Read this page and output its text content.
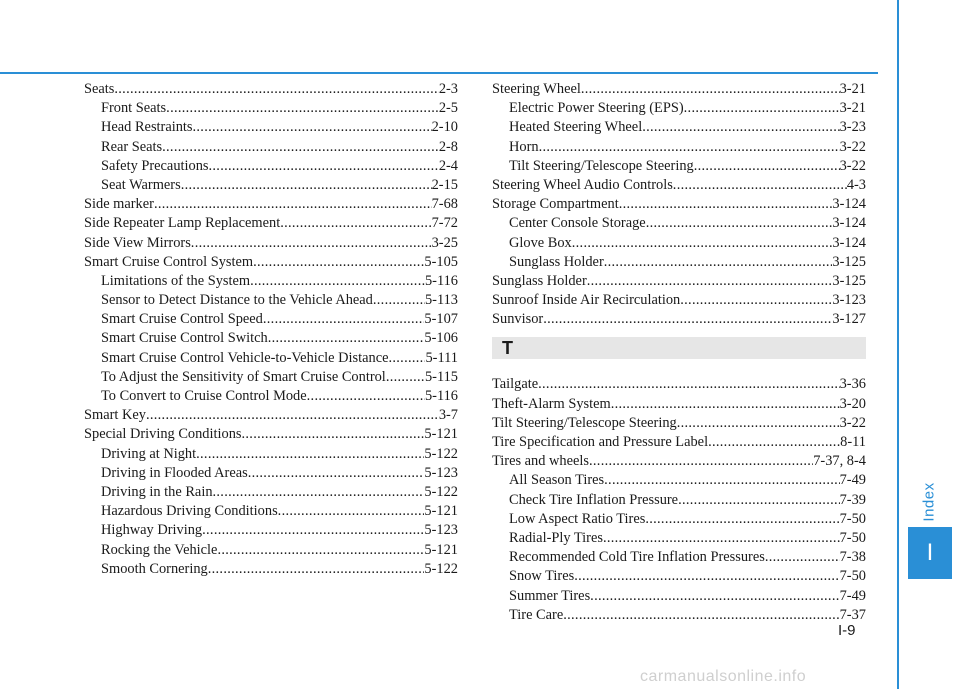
Seats .....	2-3
Front Seats .....	2-5
Head Restraints .....	2-10
Rear Seats .....	2-8
Safety Precautions .....	2-4
Seat Warmers .....	2-15
Side marker .....	7-68
Side Repeater Lamp Replacement .....	7-72
Side View Mirrors .....	3-25
Smart Cruise Control System .....	5-105
Limitations of the System .....	5-116
Sensor to Detect Distance to the Vehicle Ahead .....	5-113
Smart Cruise Control Speed .....	5-107
Smart Cruise Control Switch .....	5-106
Smart Cruise Control Vehicle-to-Vehicle Distance .....	5-111
To Adjust the Sensitivity of Smart Cruise Control .....	5-115
To Convert to Cruise Control Mode .....	5-116
Smart Key .....	3-7
Special Driving Conditions .....	5-121
Driving at Night .....	5-122
Driving in Flooded Areas .....	5-123
Driving in the Rain .....	5-122
Hazardous Driving Conditions .....	5-121
Highway Driving .....	5-123
Rocking the Vehicle .....	5-121
Smooth Cornering .....	5-122
Steering Wheel .....	3-21
Electric Power Steering (EPS) .....	3-21
Heated Steering Wheel .....	3-23
Horn .....	3-22
Tilt Steering/Telescope Steering .....	3-22
Steering Wheel Audio Controls .....	4-3
Storage Compartment .....	3-124
Center Console Storage .....	3-124
Glove Box .....	3-124
Sunglass Holder .....	3-125
Sunglass Holder .....	3-125
Sunroof Inside Air Recirculation .....	3-123
Sunvisor .....	3-127
T
Tailgate .....	3-36
Theft-Alarm System .....	3-20
Tilt Steering/Telescope Steering .....	3-22
Tire Specification and Pressure Label .....	8-11
Tires and wheels .....	7-37, 8-4
All Season Tires .....	7-49
Check Tire Inflation Pressure .....	7-39
Low Aspect Ratio Tires .....	7-50
Radial-Ply Tires .....	7-50
Recommended Cold Tire Inflation Pressures .....	7-38
Snow Tires .....	7-50
Summer Tires .....	7-49
Tire Care .....	7-37
Index
I
I-9
carmanualsonline.info
